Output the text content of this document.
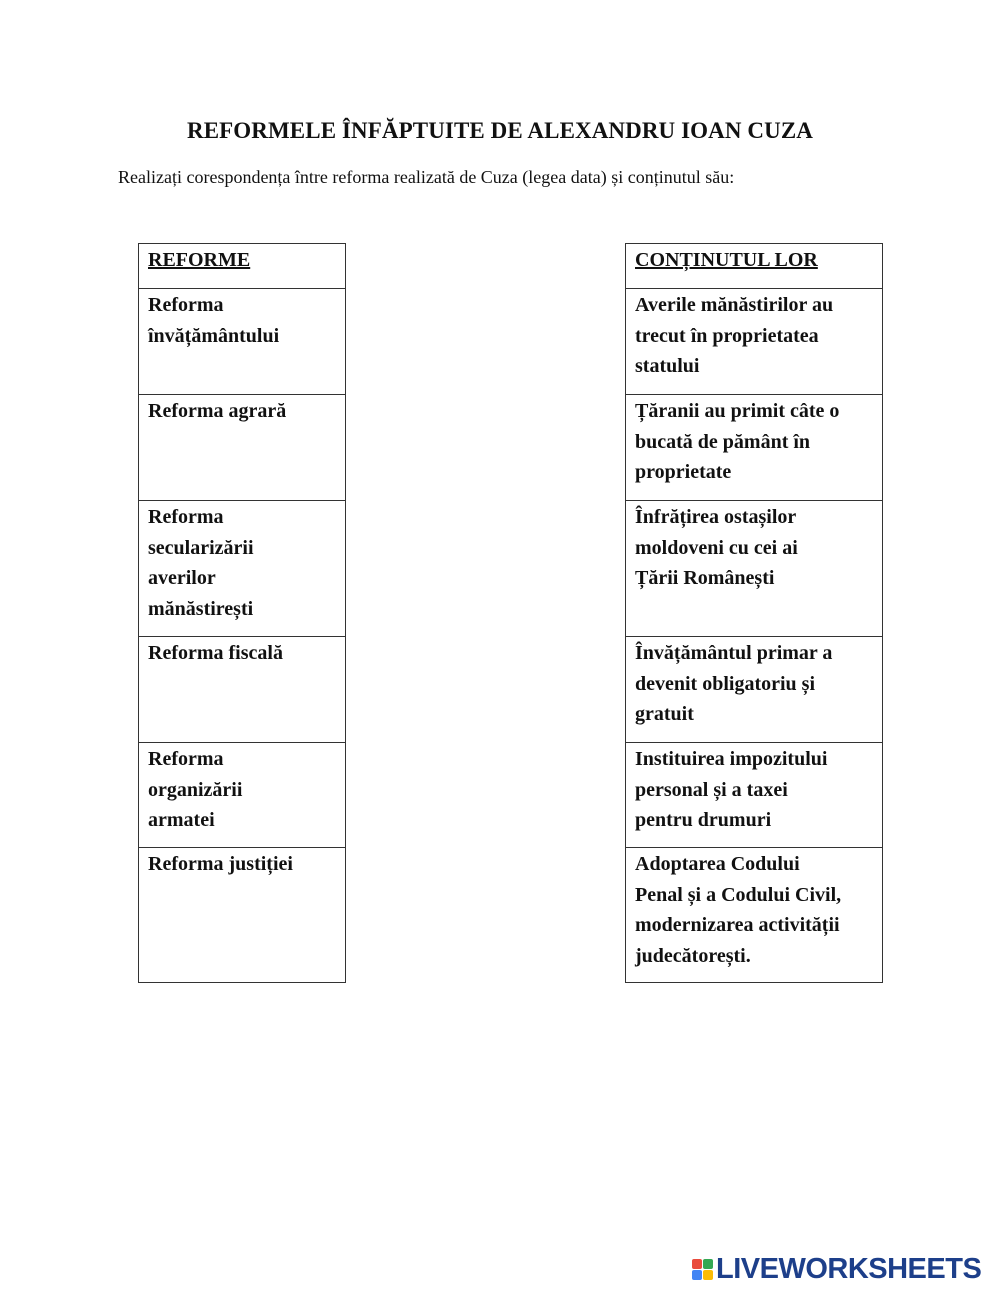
REFORMELE ÎNFĂPTUITE DE ALEXANDRU IOAN CUZA
Realizați corespondența între reforma realizată de Cuza (legea data) și conținutul său:
REFORME

Reforma
învățământului

Reforma agrară

Reforma
secularizării
averilor
mănăstirești

Reforma fiscală

Reforma
organizării
armatei

Reforma justiției
CONȚINUTUL LOR

Averile mănăstirilor au
trecut în proprietatea
statului

Țăranii au primit câte o
bucată de pământ în
proprietate

Înfrățirea ostașilor
moldoveni cu cei ai
Țării Românești

Învățământul primar a
devenit obligatoriu și
gratuit

Instituirea impozitului
personal și a taxei
pentru drumuri

Adoptarea Codului
Penal și a Codului Civil,
modernizarea activității
judecătorești.
LIVEWORKSHEETS
